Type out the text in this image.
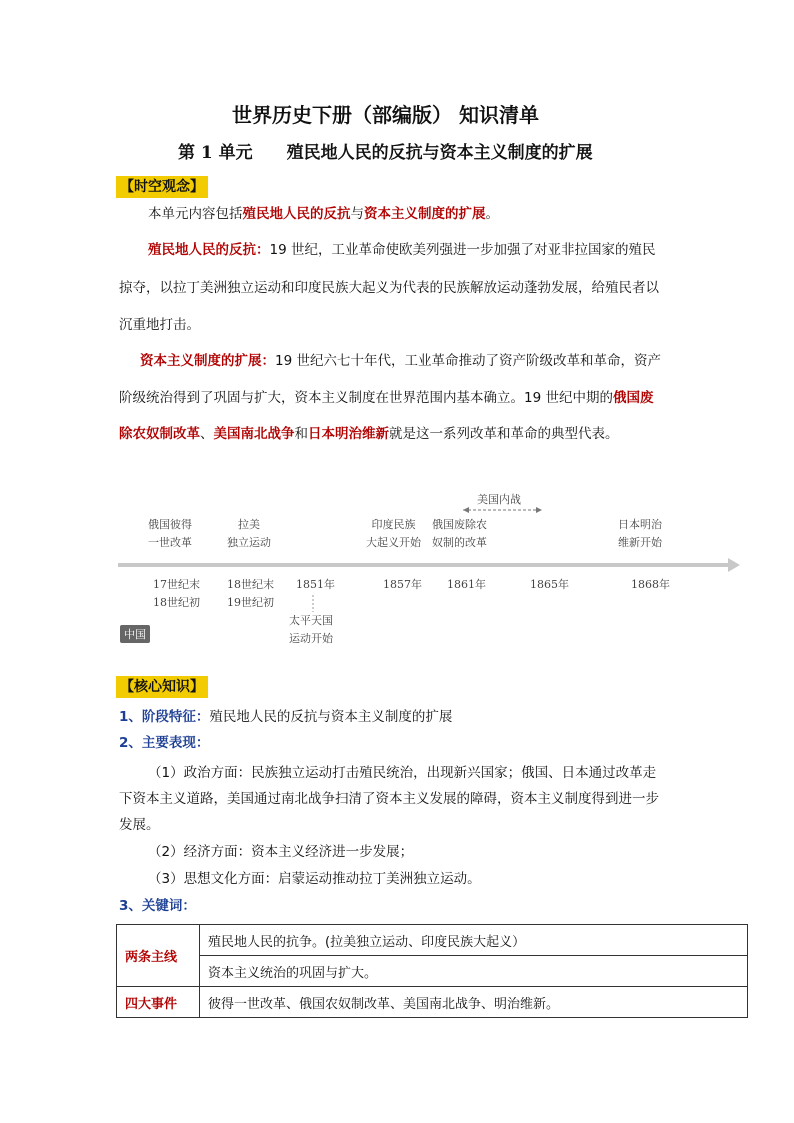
世界历史下册（部编版） 知识清单
第 1 单元　　殖民地人民的反抗与资本主义制度的扩展
【时空观念】
本单元内容包括殖民地人民的反抗与资本主义制度的扩展。
殖民地人民的反抗：19 世纪，工业革命使欧美列强进一步加强了对亚非拉国家的殖民
掠夺，以拉丁美洲独立运动和印度民族大起义为代表的民族解放运动蓬勃发展，给殖民者以
沉重地打击。
资本主义制度的扩展：19 世纪六七十年代，工业革命推动了资产阶级改革和革命，资产
阶级统治得到了巩固与扩大，资本主义制度在世界范围内基本确立。19 世纪中期的俄国废
除农奴制改革、美国南北战争和日本明治维新就是这一系列改革和革命的典型代表。
俄国彼得
一世改革
拉美
独立运动
印度民族
大起义开始
俄国废除农
奴制的改革
日本明治
维新开始
美国内战
17世纪末
18世纪初
18世纪末
19世纪初
1851年	1857年 1861年	1865年	1868年
太平天国
运动开始
中国
【核心知识】
1、阶段特征：殖民地人民的反抗与资本主义制度的扩展
2、主要表现：
（1）政治方面：民族独立运动打击殖民统治，出现新兴国家；俄国、日本通过改革走
下资本主义道路，美国通过南北战争扫清了资本主义发展的障碍，资本主义制度得到进一步
发展。
（2）经济方面：资本主义经济进一步发展；
（3）思想文化方面：启蒙运动推动拉丁美洲独立运动。
3、关键词：
两条主线	殖民地人民的抗争。(拉美独立运动、印度民族大起义）
	资本主义统治的巩固与扩大。
四大事件	彼得一世改革、俄国农奴制改革、美国南北战争、明治维新。
